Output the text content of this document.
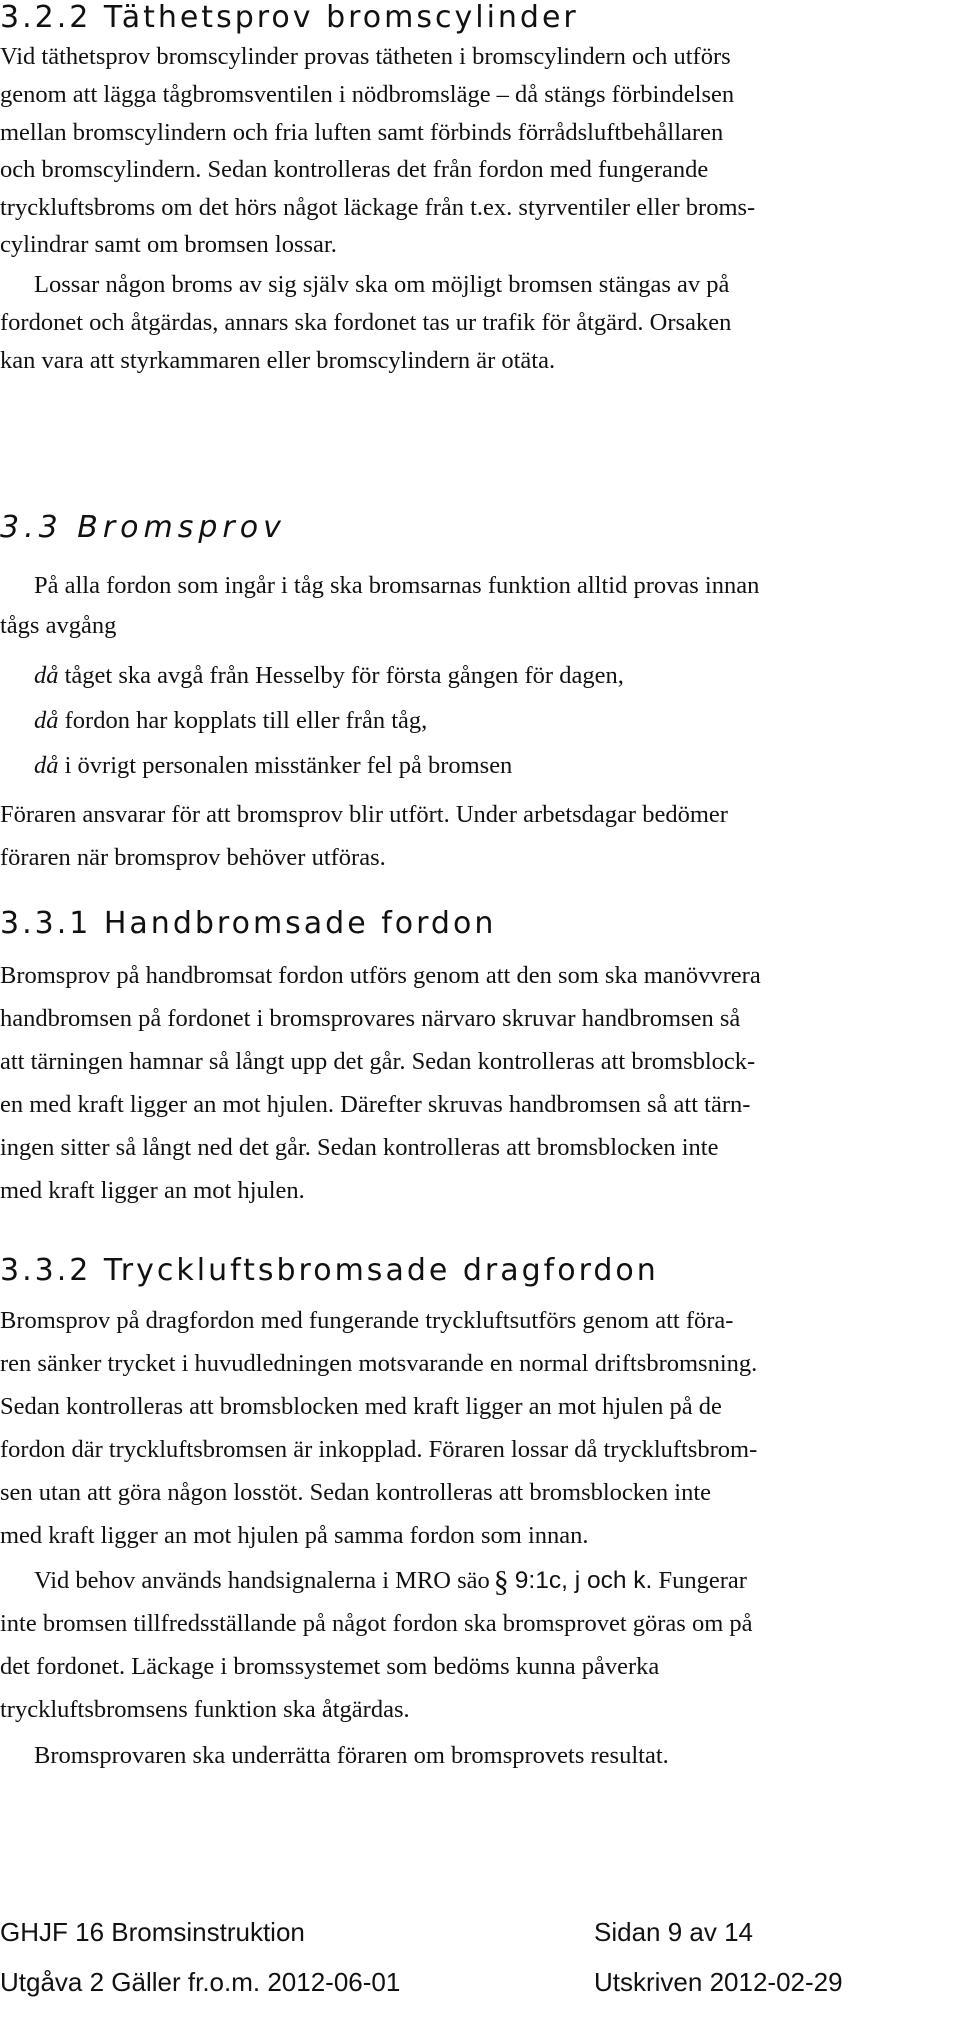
3.2.2 Täthetsprov bromscylinder

Vid täthetsprov bromscylinder provas tätheten i bromscylindern och utförs

genom att lägga tågbromsventilen i nödbromsläge – då stängs förbindelsen

mellan bromscylindern och fria luften samt förbinds förrådsluftbehållaren

och bromscylindern. Sedan kontrolleras det från fordon med fungerande

tryckluftsbroms om det hörs något läckage från t.ex. styrventiler eller broms-

cylindrar samt om bromsen lossar.

Lossar någon broms av sig själv ska om möjligt bromsen stängas av på

fordonet och åtgärdas, annars ska fordonet tas ur trafik för åtgärd. Orsaken

kan vara att styrkammaren eller bromscylindern är otäta.

3.3 Bromsprov

På alla fordon som ingår i tåg ska bromsarnas funktion alltid provas innan

tågs avgång

då tåget ska avgå från Hesselby för första gången för dagen,

då fordon har kopplats till eller från tåg,

då i övrigt personalen misstänker fel på bromsen

Föraren ansvarar för att bromsprov blir utfört. Under arbetsdagar bedömer

föraren när bromsprov behöver utföras.

3.3.1 Handbromsade fordon

Bromsprov på handbromsat fordon utförs genom att den som ska manövvrera

handbromsen på fordonet i bromsprovares närvaro skruvar handbromsen så

att tärningen hamnar så långt upp det går. Sedan kontrolleras att bromsblock-

en med kraft ligger an mot hjulen. Därefter skruvas handbromsen så att tärn-

ingen sitter så långt ned det går. Sedan kontrolleras att bromsblocken inte

med kraft ligger an mot hjulen.

3.3.2 Tryckluftsbromsade dragfordon

Bromsprov på dragfordon med fungerande tryckluftsutförs genom att föra-

ren sänker trycket i huvudledningen motsvarande en normal driftsbromsning.

Sedan kontrolleras att bromsblocken med kraft ligger an mot hjulen på de

fordon där tryckluftsbromsen är inkopplad. Föraren lossar då tryckluftsbrom-

sen utan att göra någon losstöt. Sedan kontrolleras att bromsblocken inte

med kraft ligger an mot hjulen på samma fordon som innan.

Vid behov används handsignalerna i MRO säo § 9:1c, j och k. Fungerar

inte bromsen tillfredsställande på något fordon ska bromsprovet göras om på

det fordonet. Läckage i bromssystemet som bedöms kunna påverka

tryckluftsbromsens funktion ska åtgärdas.

Bromsprovaren ska underrätta föraren om bromsprovets resultat.

GHJF 16 Bromsinstruktion	Sidan 9 av 14
Utgåva 2 Gäller fr.o.m. 2012-06-01	Utskriven 2012-02-29
